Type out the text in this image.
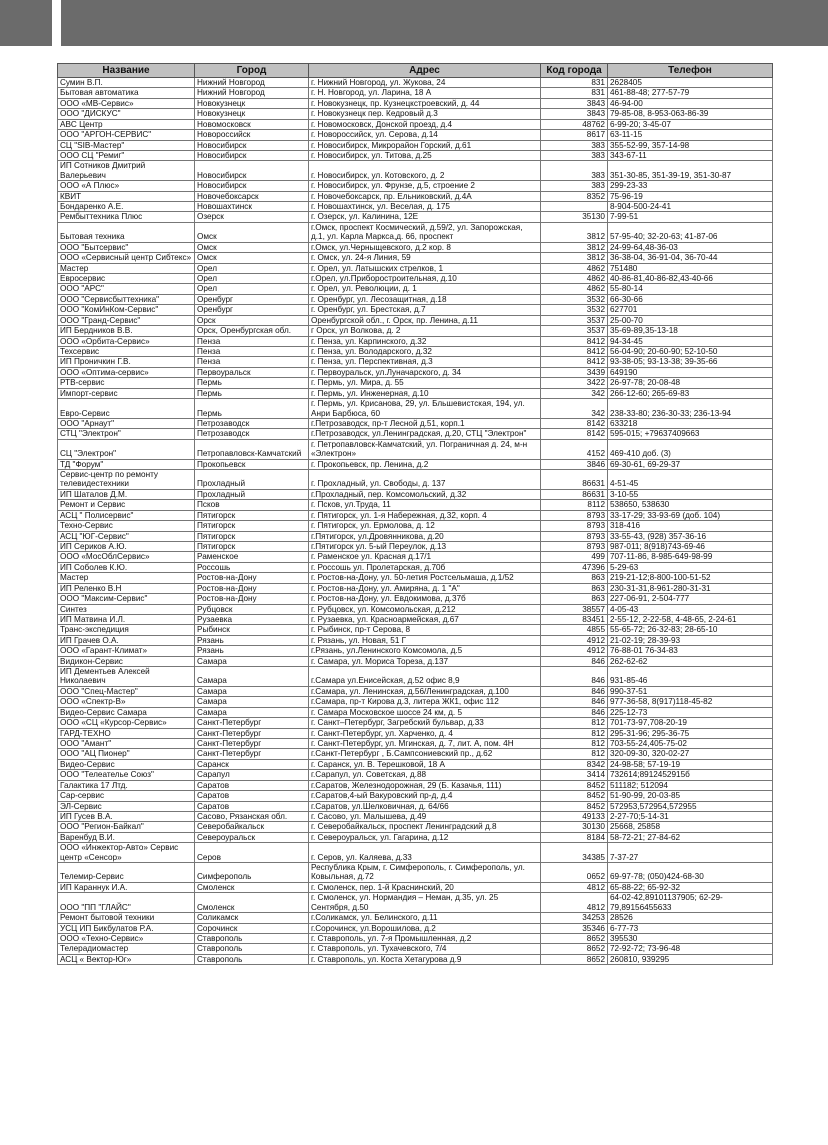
Название	Город	Адрес	Код города	Телефон
Сумин В.П.	Нижний Новгород	г. Нижний Новгород, ул. Жукова, 24	831	2628405
Бытовая автоматика	Нижний Новгород	г. Н. Новгород, ул. Ларина, 18 А	831	461-88-48; 277-57-79
ООО «МВ-Сервис»	Новокузнецк	г. Новокузнецк, пр. Кузнецкстроевский, д. 44	3843	46-94-00
ООО "ДИСКУС"	Новокузнецк	г. Новокузнецк пер. Кедровый д.3	3843	79-85-08, 8-953-063-86-39
ABC Центр	Новомосковск	г. Новомосковск, Донской проезд, д.4	48762	6-99-20; 3-45-07
ООО "АРГОН-СЕРВИС"	Новороссийск	г. Новороссийск, ул. Серова, д.14	8617	63-11-15
СЦ "SIB-Мастер"	Новосибирск	г. Новосибирск, Микрорайон Горский, д.61	383	355-52-99, 357-14-98
ООО СЦ "Ремиг"	Новосибирск	г. Новосибирск, ул. Титова, д.25	383	343-67-11
ИП Сотников Дмитрий Валерьевич	Новосибирск	г. Новосибирск, ул. Котовского, д. 2	383	351-30-85, 351-39-19, 351-30-87
ООО «А Плюс»	Новосибирск	г. Новосибирск, ул. Фрунзе, д.5, строение 2	383	299-23-33
КВИТ	Новочебоксарск	г. Новочебоксарск, пр. Ельниковский, д.4А	8352	75-96-19
Бондаренко А.Е.	Новошахтинск	г. Новошахтинск, ул. Веселая, д. 175		8-904-500-24-41
Рембыттехника Плюс	Озерск	г. Озерск, ул. Калинина, 12Е	35130	7-99-51
Бытовая техника	Омск	г.Омск, проспект Космический, д.59/2, ул. Запорожская, д.1, ул. Карла Маркса,д. 66, проспект	3812	57-95-40; 32-20-63; 41-87-06
ООО "Бытсервис"	Омск	г.Омск, ул.Черныщевского, д.2 кор. 8	3812	24-99-64,48-36-03
ООО «Сервисный центр Сибтекс»	Омск	г. Омск, ул. 24-я Линия, 59	3812	36-38-04, 36-91-04, 36-70-44
Мастер	Орел	г. Орел, ул. Латышских стрелков, 1	4862	751480
Евросервис	Орел	г.Орел, ул.Приборостроительная, д.10	4862	40-86-81,40-86-82,43-40-66
ООО "АРС"	Орел	г. Орел, ул. Революции, д. 1	4862	55-80-14
ООО "Сервисбыттехника"	Оренбург	г. Оренбург, ул. Лесозащитная, д.18	3532	66-30-66
ООО "КомИнКом-Сервис"	Оренбург	г. Оренбург, ул. Брестская, д.7	3532	627701
ООО "Гранд-Сервис"	Орск	Оренбургской обл., г. Орск, пр. Ленина, д.11	3537	25-00-70
ИП Бердников В.В.	Орск, Оренбургская обл.	г Орск, ул Волкова, д. 2	3537	35-69-89,35-13-18
ООО «Орбита-Сервис»	Пенза	г. Пенза, ул. Карпинского, д.32	8412	94-34-45
Техсервис	Пенза	г. Пенза, ул. Володарского, д.32	8412	56-04-90; 20-60-90; 52-10-50
ИП Проничкин Г.В.	Пенза	г. Пенза, ул. Перспективная, д.3	8412	93-38-05; 93-13-38; 39-35-66
ООО «Оптима-сервис»	Первоуральск	г. Первоуральск, ул.Луначарского, д. 34	3439	649190
РТВ-сервис	Пермь	г. Пермь, ул. Мира, д. 55	3422	26-97-78; 20-08-48
Импорт-сервис	Пермь	г. Пермь, ул. Инженерная, д.10	342	266-12-60; 265-69-83
Евро-Сервис	Пермь	г. Пермь, ул. Крисанова, 29, ул. Бльшевистская, 194, ул. Анри Барбюса, 60	342	238-33-80; 236-30-33; 236-13-94
ООО "Арнаут"	Петрозаводск	г.Петрозаводск, пр-т Лесной д.51, корп.1	8142	633218
СТЦ "Электрон"	Петрозаводск	г.Петрозаводск, ул.Ленинградская, д.20, СТЦ "Электрон"	8142	595-015; +79637409663
СЦ "Электрон"	Петропавловск-Камчатский	г. Петропавловск-Камчатский, ул. Пограничная д. 24, м-н «Электрон»	4152	469-410 доб. (3)
ТД "Форум"	Прокопьевск	г. Прокопьевск, пр. Ленина, д.2	3846	69-30-61, 69-29-37
Сервис-центр по ремонту телевидестехники	Прохладный	г. Прохладный, ул. Свободы, д. 137	86631	4-51-45
ИП Шаталов Д.М.	Прохладный	г.Прохладный, пер. Комсомольский, д.32	86631	3-10-55
Ремонт и Сервис	Псков	г. Псков, ул.Труда, 11	8112	538650, 538630
АСЦ " Полисервис"	Пятигорск	г. Пятигорск, ул. 1-я Набережная, д.32, корп. 4	8793	33-17-29; 33-93-69 (доб. 104)
Техно-Сервис	Пятигорск	г. Пятигорск, ул. Ермолова, д. 12	8793	318-416
АСЦ "ЮГ-Сервис"	Пятигорск	г.Пятигорск, ул.Дровянникова, д.20	8793	33-55-43, (928) 357-36-16
ИП Сериков А.Ю.	Пятигорск	г.Пятигорск ул. 5-ый Переулок, д.13	8793	987-011; 8(918)743-69-46
ООО «МосОблСервис»	Раменское	г. Раменское ул. Красная д.17/1	499	707-11-86, 8-985-649-98-99
ИП Соболев К.Ю.	Россошь	г. Россошь ул. Пролетарская, д.70б	47396	5-29-63
Мастер	Ростов-на-Дону	г. Ростов-на-Дону, ул. 50-летия Ростсельмаша, д.1/52	863	219-21-12;8-800-100-51-52
ИП Реленко В.Н	Ростов-на-Дону	г. Ростов-на-Дону, ул. Амиряна, д. 1 "А"	863	230-31-31,8-961-280-31-31
ООО "Максим-Сервис"	Ростов-на-Дону	г. Ростов-на-Дону, ул. Евдокимова, д.37б	863	227-06-91, 2-504-777
Синтез	Рубцовск	г. Рубцовск, ул. Комсомольская, д.212	38557	4-05-43
ИП Матвина И.Л.	Рузаевка	г. Рузаевка, ул. Красноармейская, д.67	83451	2-55-12, 2-22-58, 4-48-65, 2-24-61
Транс-экспедиция	Рыбинск	г. Рыбинск, пр-т Серова, 8	4855	55-65-72; 26-32-83; 28-65-10
ИП Грачев О.А.	Рязань	г. Рязань, ул. Новая, 51 Г	4912	21-02-19; 28-39-93
ООО «Гарант-Климат»	Рязань	г.Рязань, ул.Ленинского Комсомола, д.5	4912	76-88-01 76-34-83
Видикон-Сервис	Самара	г. Самара, ул. Мориса Тореза, д.137	846	262-62-62
ИП Дементьев Алексей Николаевич	Самара	г.Самара ул.Енисейская, д.52 офис 8,9	846	931-85-46
ООО "Спец-Мастер"	Самара	г.Самара, ул. Ленинская, д.56/Ленинградская, д.100	846	990-37-51
ООО «Спектр-В»	Самара	г.Самара, пр-т Кирова д.3, литера ЖК1, офис 112	846	977-36-58, 8(917)118-45-82
Видео-Сервис Самара	Самара	г. Самара Московское шоссе 24 км, д. 5	846	225-12-73
ООО «СЦ «Курсор-Сервис»	Санкт-Петербург	г. Санкт–Петербург, Загребский бульвар, д.33	812	701-73-97,708-20-19
ГАРД-ТЕХНО	Санкт-Петербург	г. Санкт-Петербург, ул. Харченко, д. 4	812	295-31-96; 295-36-75
ООО "Амант"	Санкт-Петербург	г. Санкт-Петербург, ул. Мгинская, д. 7, лит. А, пом. 4Н	812	703-55-24,405-75-02
ООО "АЦ Пионер"	Санкт-Петербург	г.Санкт-Петербург , Б.Сампсониевский пр., д.62	812	320-09-30, 320-02-27
Видео-Сервис	Саранск	г. Саранск, ул. В. Терешковой, 18 А	8342	24-98-58; 57-19-19
ООО "Телеателье Союз"	Сарапул	г.Сарапул, ул. Советская, д.88	3414	732614;8912452915б
Галактика 17 Лтд.	Саратов	г.Саратов, Железнодорожная, 29 (Б. Казачья, 111)	8452	511182; 512094
Сар-сервис	Саратов	г.Саратов,4-ый Вакуровский пр-д, д.4	8452	51-90-99, 20-03-85
ЭЛ-Сервис	Саратов	г.Саратов, ул.Шелковичная, д. 64/66	8452	572953,572954,572955
ИП Гусев В.А.	Сасово, Рязанская обл.	г. Сасово, ул. Малышева, д.49	49133	2-27-70;5-14-31
ООО "Регион-Байкал"	Северобайкальск	г. Северобайкальск, проспект Ленинградский д.8	30130	25668, 25858
Варенбуд В.И.	Североуральск	г. Североуральск, ул. Гагарина, д.12	8184	58-72-21; 27-84-62
ООО «Инжектор-Авто» Сервис центр «Сенсор»	Серов	г. Серов, ул. Каляева, д.33	34385	7-37-27
Телемир-Сервис	Симферополь	Республика Крым, г. Симферополь, г. Симферополь, ул. Ковыльная, д.72	0652	69-97-78; (050)424-68-30
ИП Караннук И.А.	Смоленск	г. Смоленск, пер. 1-й Краснинский, 20	4812	65-88-22; 65-92-32
ООО "ПП "ГЛАЙС"	Смоленск	г. Смоленск, ул. Нормандия – Неман, д.35, ул. 25 Сентября, д.50	4812	64-02-42,89101137905; 62-29-79,89156455633
Ремонт бытовой техники	Соликамск	г.Соликамск, ул. Белинского, д.11	34253	28526
УСЦ ИП Бикбулатов Р.А.	Сорочинск	г.Сорочинск, ул.Ворошилова, д.2	35346	6-77-73
ООО «Техно-Сервис»	Ставрополь	г. Ставрополь, ул. 7-я Промышленная, д.2	8652	395530
Телерадиомастер	Ставрополь	г. Ставрополь, ул. Тухачевского, 7/4	8652	72-92-72; 73-96-48
АСЦ « Вектор-Юг»	Ставрополь	г. Ставрополь, ул. Коста Хетагурова д.9	8652	260810, 939295
